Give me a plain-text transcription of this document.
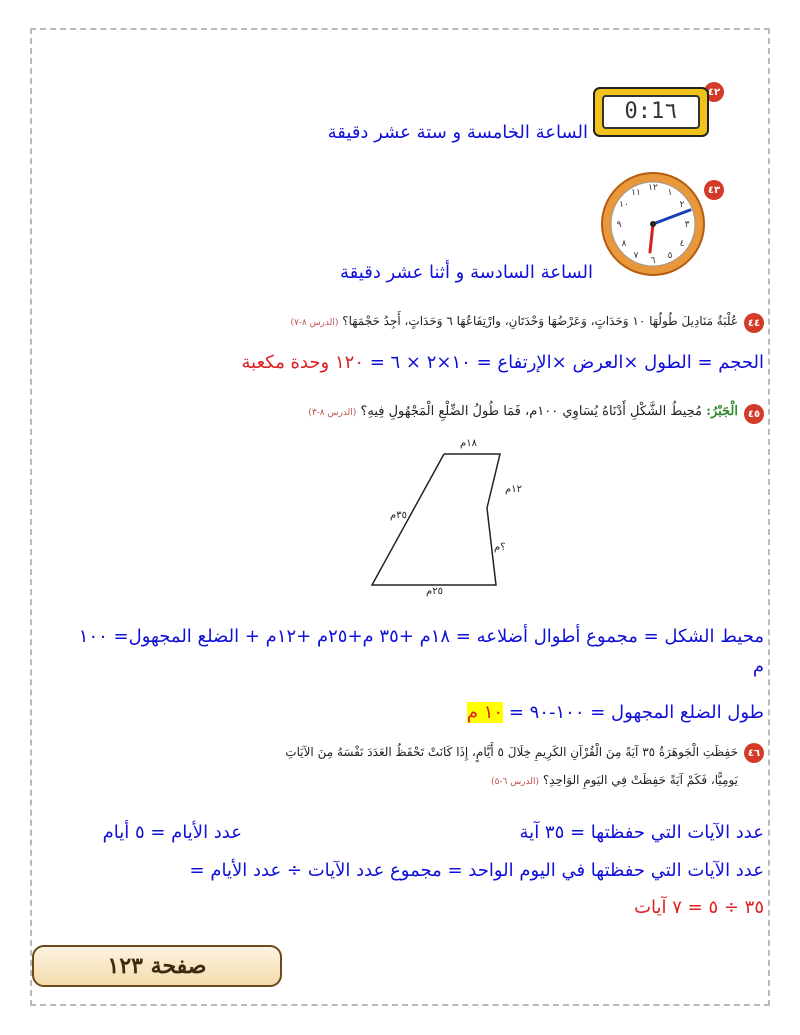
٤٢
0:1٦
الساعة الخامسة و ستة عشر دقيقة
٤٣
١٢ ١
٢
٣
٤
٥
٦
٧
٨
٩
١٠
١١
الساعة السادسة و أثنا عشر دقيقة
٤٤
عُلْبَةُ مَنَادِيلَ طُولُهَا ١٠ وَحَدَاتٍ، وَعَرْضُهَا وَحْدَتَانِ، وارْتِفَاعُهَا ٦ وَحَدَاتٍ، أَجِدُ حَجْمَهَا؟ (الدرس ٨-٧)
الحجم = الطول ×العرض ×الإرتفاع = ١٠×٢ × ٦ = ١٢٠ وحدة مكعبة
٤٥
الْجَبْرُ: مُحِيطُ الشَّكْلِ أَدْنَاهُ يُسَاوِي ١٠٠م، فَمَا طُولُ الضِّلْعِ الْمَجْهُولِ فِيهِ؟ (الدرس ٨-٣)
١٨م
١٢م
٣٥م
؟م
٢٥م
محيط الشكل = مجموع أطوال أضلاعه = ١٨م +٣٥ م+٢٥م +١٢م + الضلع المجهول= ١٠٠ م
طول الضلع المجهول = ١٠٠-٩٠ = ١٠ م
٤٦
حَفِظَتِ الْجَوهَرَةُ ٣٥ آيَةً مِنَ الْقُرْآنِ الكَرِيمِ خِلَالَ ٥ أَيَّامٍ، إِذَا كَانَتْ تَحْفَظُ العَدَدَ نَفْسَهُ مِنَ الآيَاتِ
يَومِيًّا، فَكَمْ آيَةً حَفِظَتْ فِي اليَومِ الوَاحِدِ؟ (الدرس ٦-٥)
عدد الآيات التي حفظتها = ٣٥ آية
عدد الأيام = ٥ أيام
عدد الآيات التي حفظتها في اليوم الواحد = مجموع عدد الآيات ÷ عدد الأيام =
٣٥ ÷ ٥ = ٧ آيات
صفحة ١٢٣
